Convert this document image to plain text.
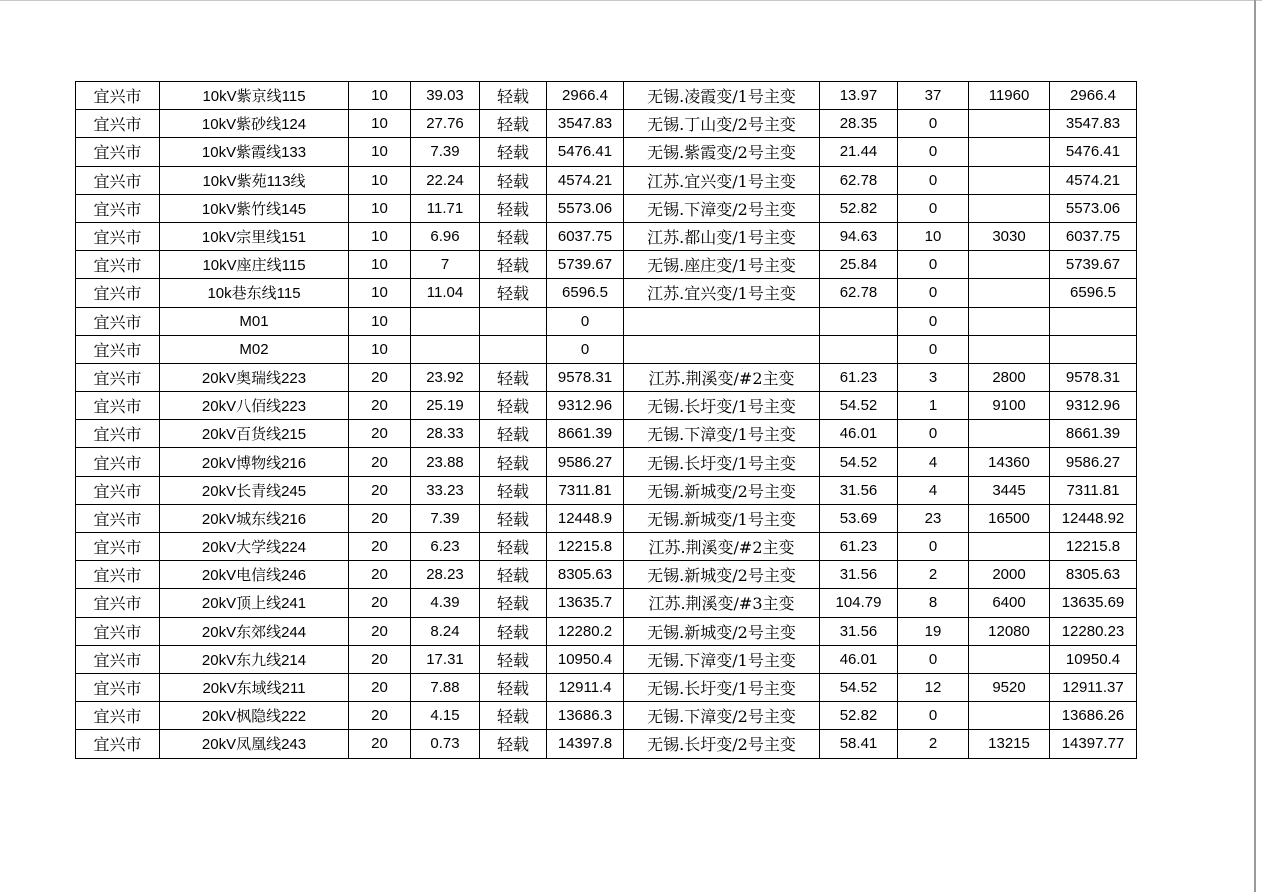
宜兴市	10kV紫京线115	10	39.03	轻载	2966.4	无锡.凌霞变/1号主变	13.97	37	11960	2966.4
宜兴市	10kV紫砂线124	10	27.76	轻载	3547.83	无锡.丁山变/2号主变	28.35	0		3547.83
宜兴市	10kV紫霞线133	10	7.39	轻载	5476.41	无锡.紫霞变/2号主变	21.44	0		5476.41
宜兴市	10kV紫苑113线	10	22.24	轻载	4574.21	江苏.宜兴变/1号主变	62.78	0		4574.21
宜兴市	10kV紫竹线145	10	11.71	轻载	5573.06	无锡.下漳变/2号主变	52.82	0		5573.06
宜兴市	10kV宗里线151	10	6.96	轻载	6037.75	江苏.都山变/1号主变	94.63	10	3030	6037.75
宜兴市	10kV座庄线115	10	7	轻载	5739.67	无锡.座庄变/1号主变	25.84	0		5739.67
宜兴市	10k巷东线115	10	11.04	轻载	6596.5	江苏.宜兴变/1号主变	62.78	0		6596.5
宜兴市	M01	10			0			0		
宜兴市	M02	10			0			0		
宜兴市	20kV奥瑞线223	20	23.92	轻载	9578.31	江苏.荆溪变/#2主变	61.23	3	2800	9578.31
宜兴市	20kV八佰线223	20	25.19	轻载	9312.96	无锡.长圩变/1号主变	54.52	1	9100	9312.96
宜兴市	20kV百货线215	20	28.33	轻载	8661.39	无锡.下漳变/1号主变	46.01	0		8661.39
宜兴市	20kV博物线216	20	23.88	轻载	9586.27	无锡.长圩变/1号主变	54.52	4	14360	9586.27
宜兴市	20kV长青线245	20	33.23	轻载	7311.81	无锡.新城变/2号主变	31.56	4	3445	7311.81
宜兴市	20kV城东线216	20	7.39	轻载	12448.9	无锡.新城变/1号主变	53.69	23	16500	12448.92
宜兴市	20kV大学线224	20	6.23	轻载	12215.8	江苏.荆溪变/#2主变	61.23	0		12215.8
宜兴市	20kV电信线246	20	28.23	轻载	8305.63	无锡.新城变/2号主变	31.56	2	2000	8305.63
宜兴市	20kV顶上线241	20	4.39	轻载	13635.7	江苏.荆溪变/#3主变	104.79	8	6400	13635.69
宜兴市	20kV东郊线244	20	8.24	轻载	12280.2	无锡.新城变/2号主变	31.56	19	12080	12280.23
宜兴市	20kV东九线214	20	17.31	轻载	10950.4	无锡.下漳变/1号主变	46.01	0		10950.4
宜兴市	20kV东域线211	20	7.88	轻载	12911.4	无锡.长圩变/1号主变	54.52	12	9520	12911.37
宜兴市	20kV枫隐线222	20	4.15	轻载	13686.3	无锡.下漳变/2号主变	52.82	0		13686.26
宜兴市	20kV凤凰线243	20	0.73	轻载	14397.8	无锡.长圩变/2号主变	58.41	2	13215	14397.77
